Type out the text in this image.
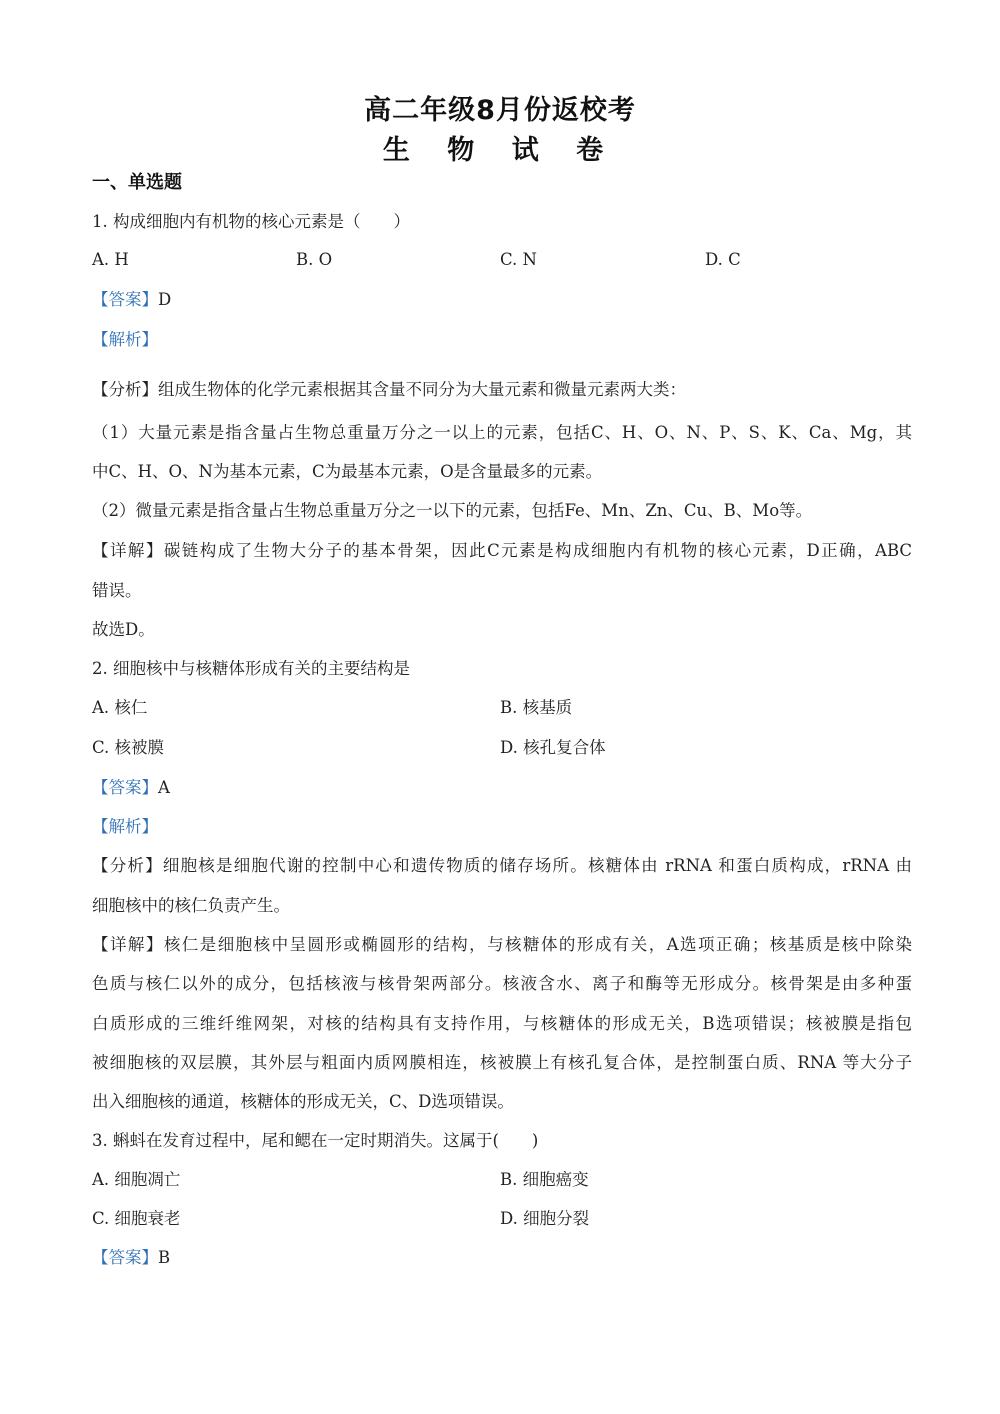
高二年级8月份返校考
生 物 试 卷
一、单选题
1. 构成细胞内有机物的核心元素是（　　）
A. H	B. O	C. N	D. C
【答案】D
【解析】
【分析】组成生物体的化学元素根据其含量不同分为大量元素和微量元素两大类：
（1）大量元素是指含量占生物总重量万分之一以上的元素，包括C、H、O、N、P、S、K、Ca、Mg，其
中C、H、O、N为基本元素，C为最基本元素，O是含量最多的元素。
（2）微量元素是指含量占生物总重量万分之一以下的元素，包括Fe、Mn、Zn、Cu、B、Mo等。
【详解】碳链构成了生物大分子的基本骨架，因此C元素是构成细胞内有机物的核心元素，D正确，ABC
错误。
故选D。
2. 细胞核中与核糖体形成有关的主要结构是
A. 核仁	B. 核基质
C. 核被膜	D. 核孔复合体
【答案】A
【解析】
【分析】细胞核是细胞代谢的控制中心和遗传物质的储存场所。核糖体由 rRNA 和蛋白质构成，rRNA 由
细胞核中的核仁负责产生。
【详解】核仁是细胞核中呈圆形或椭圆形的结构，与核糖体的形成有关，A选项正确；核基质是核中除染
色质与核仁以外的成分，包括核液与核骨架两部分。核液含水、离子和酶等无形成分。核骨架是由多种蛋
白质形成的三维纤维网架，对核的结构具有支持作用，与核糖体的形成无关，B选项错误；核被膜是指包
被细胞核的双层膜，其外层与粗面内质网膜相连，核被膜上有核孔复合体，是控制蛋白质、RNA 等大分子
出入细胞核的通道，核糖体的形成无关，C、D选项错误。
3. 蝌蚪在发育过程中，尾和鳃在一定时期消失。这属于(　　)
A. 细胞凋亡	B. 细胞癌变
C. 细胞衰老	D. 细胞分裂
【答案】B
